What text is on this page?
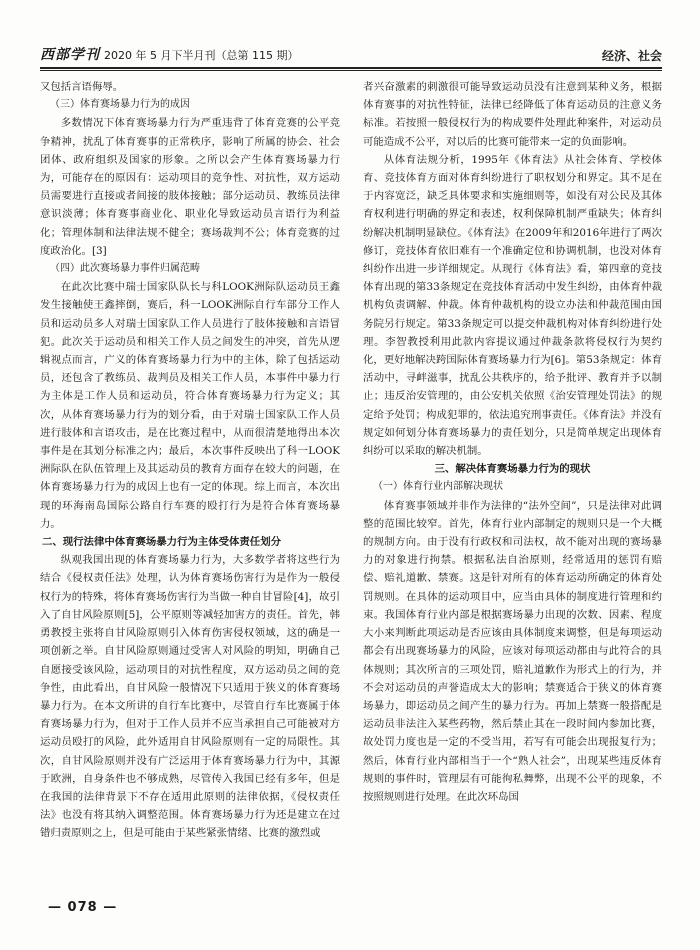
西部学刊 2020 年 5 月下半月刊（总第 115 期）	经济、社会

又包括言语侮辱。

（三）体育赛场暴力行为的成因

多数情况下体育赛场暴力行为严重违背了体育竞赛的公平竞争精神，扰乱了体育赛事的正常秩序，影响了所属的协会、社会团体、政府组织及国家的形象。之所以会产生体育赛场暴力行为，可能存在的原因有：运动项目的竞争性、对抗性，双方运动员需要进行直接或者间接的肢体接触；部分运动员、教练员法律意识淡薄；体育赛事商业化、职业化导致运动员言语行为利益化；管理体制和法律法规不健全；赛场裁判不公；体育竞赛的过度政治化。[3]

（四）此次赛场暴力事件归属范畴

在此次比赛中瑞士国家队队长与科LOOK洲际队运动员王鑫发生接触使王鑫摔倒，赛后，科一LOOK洲际自行车部分工作人员和运动员多人对瑞士国家队工作人员进行了肢体接触和言语冒犯。此次关于运动员和相关工作人员之间发生的冲突，首先从逻辑视点而言，广义的体育赛场暴力行为中的主体，除了包括运动员，还包含了教练员、裁判员及相关工作人员，本事件中暴力行为主体是工作人员和运动员，符合体育赛场暴力行为定义；其次，从体育赛场暴力行为的划分看，由于对瑞士国家队工作人员进行肢体和言语攻击，是在比赛过程中，从而很清楚地得出本次事件是在其划分标准之内；最后，本次事件反映出了科一LOOK洲际队在队伍管理上及其运动员的教育方面存在较大的问题，在体育赛场暴力行为的成因上也有一定的体现。综上而言，本次出现的环海南岛国际公路自行车赛的殴打行为是符合体育赛场暴力。

二、现行法律中体育赛场暴力行为主体受体责任划分

纵观我国出现的体育赛场暴力行为，大多数学者将这些行为结合《侵权责任法》处理，认为体育赛场伤害行为是作为一般侵权行为的特殊，将体育赛场伤害行为当做一种自甘冒险[4]，故引入了自甘风险原则[5]，公平原则等减轻加害方的责任。首先，韩勇教授主张将自甘风险原则引入体育伤害侵权领域，这的确是一项创新之举。自甘风险原则通过受害人对风险的明知，明确自己自愿接受该风险，运动项目的对抗性程度，双方运动员之间的竞争性，由此看出，自甘风险一般情况下只适用于狭义的体育赛场暴力行为。在本文所讲的自行车比赛中，尽管自行车比赛属于体育赛场暴力行为，但对于工作人员并不应当承担自己可能被对方运动员殴打的风险，此外适用自甘风险原则有一定的局限性。其次，自甘风险原则并没有广泛运用于体育赛场暴力行为中，其源于欧洲，自身条件也不够成熟，尽管传入我国已经有多年，但是在我国的法律背景下不存在适用此原则的法律依据，《侵权责任法》也没有将其纳入调整范围。体育赛场暴力行为还是建立在过错归责原则之上，但是可能由于某些紧张情绪、比赛的激烈或

者兴奋激素的刺激很可能导致运动员没有注意到某种义务，根据体育赛事的对抗性特征，法律已经降低了体育运动员的注意义务标准。若按照一般侵权行为的构成要件处理此种案件，对运动员可能造成不公平，对以后的比赛可能带来一定的负面影响。

从体育法规分析，1995年《体育法》从社会体育、学校体育、竞技体育方面对体育纠纷进行了职权划分和界定。其不足在于内容宽泛，缺乏具体要求和实施细则等，如没有对公民及其体育权利进行明确的界定和表述，权利保障机制严重缺失；体育纠纷解决机制明显缺位。《体育法》在2009年和2016年进行了两次修订，竞技体育依旧难有一个准确定位和协调机制，也没对体育纠纷作出进一步详细规定。从现行《体育法》看，第四章的竞技体育出现的第33条规定在竞技体育活动中发生纠纷，由体育仲裁机构负责调解、仲裁。体育仲裁机构的设立办法和仲裁范围由国务院另行规定。第33条规定可以提交仲裁机构对体育纠纷进行处理。李智教授利用此款内容提议通过仲裁条款将侵权行为契约化，更好地解决跨国际体育赛场暴力行为[6]。第53条规定：体育活动中，寻衅滋事，扰乱公共秩序的，给予批评、教育并予以制止；违反治安管理的，由公安机关依照《治安管理处罚法》的规定给予处罚；构成犯罪的，依法追究刑事责任。《体育法》并没有规定如何划分体育赛场暴力的责任划分，只是简单规定出现体育纠纷可以采取的解决机制。

三、解决体育赛场暴力行为的现状

（一）体育行业内部解决现状

体育赛事领域并非作为法律的“法外空间”，只是法律对此调整的范围比较窄。首先，体育行业内部制定的规则只是一个大概的规制方向。由于没有行政权和司法权，故不能对出现的赛场暴力的对象进行拘禁。根据私法自治原则，经常适用的惩罚有赔偿、赔礼道歉、禁赛。这是针对所有的体育运动所确定的体育处罚规则。在具体的运动项目中，应当由具体的制度进行管理和约束。我国体育行业内部是根据赛场暴力出现的次数、因素、程度大小来判断此项运动是否应该由具体制度来调整，但是每项运动都会有出现赛场暴力的风险，应该对每项运动都由与此符合的具体规则；其次所言的三项处罚，赔礼道歉作为形式上的行为，并不会对运动员的声誉造成太大的影响；禁赛适合于狭义的体育赛场暴力，即运动员之间产生的暴力行为。再加上禁赛一般搭配是运动员非法注入某些药物，然后禁止其在一段时间内参加比赛，故处罚力度也是一定的不受当用，若写有可能会出现报复行为；然后，体育行业内部相当于一个“熟人社会”，出现某些违反体育规则的事件时，管理层有可能徇私舞弊，出现不公平的现象，不按照规则进行处理。在此次环岛国

— 078 —
